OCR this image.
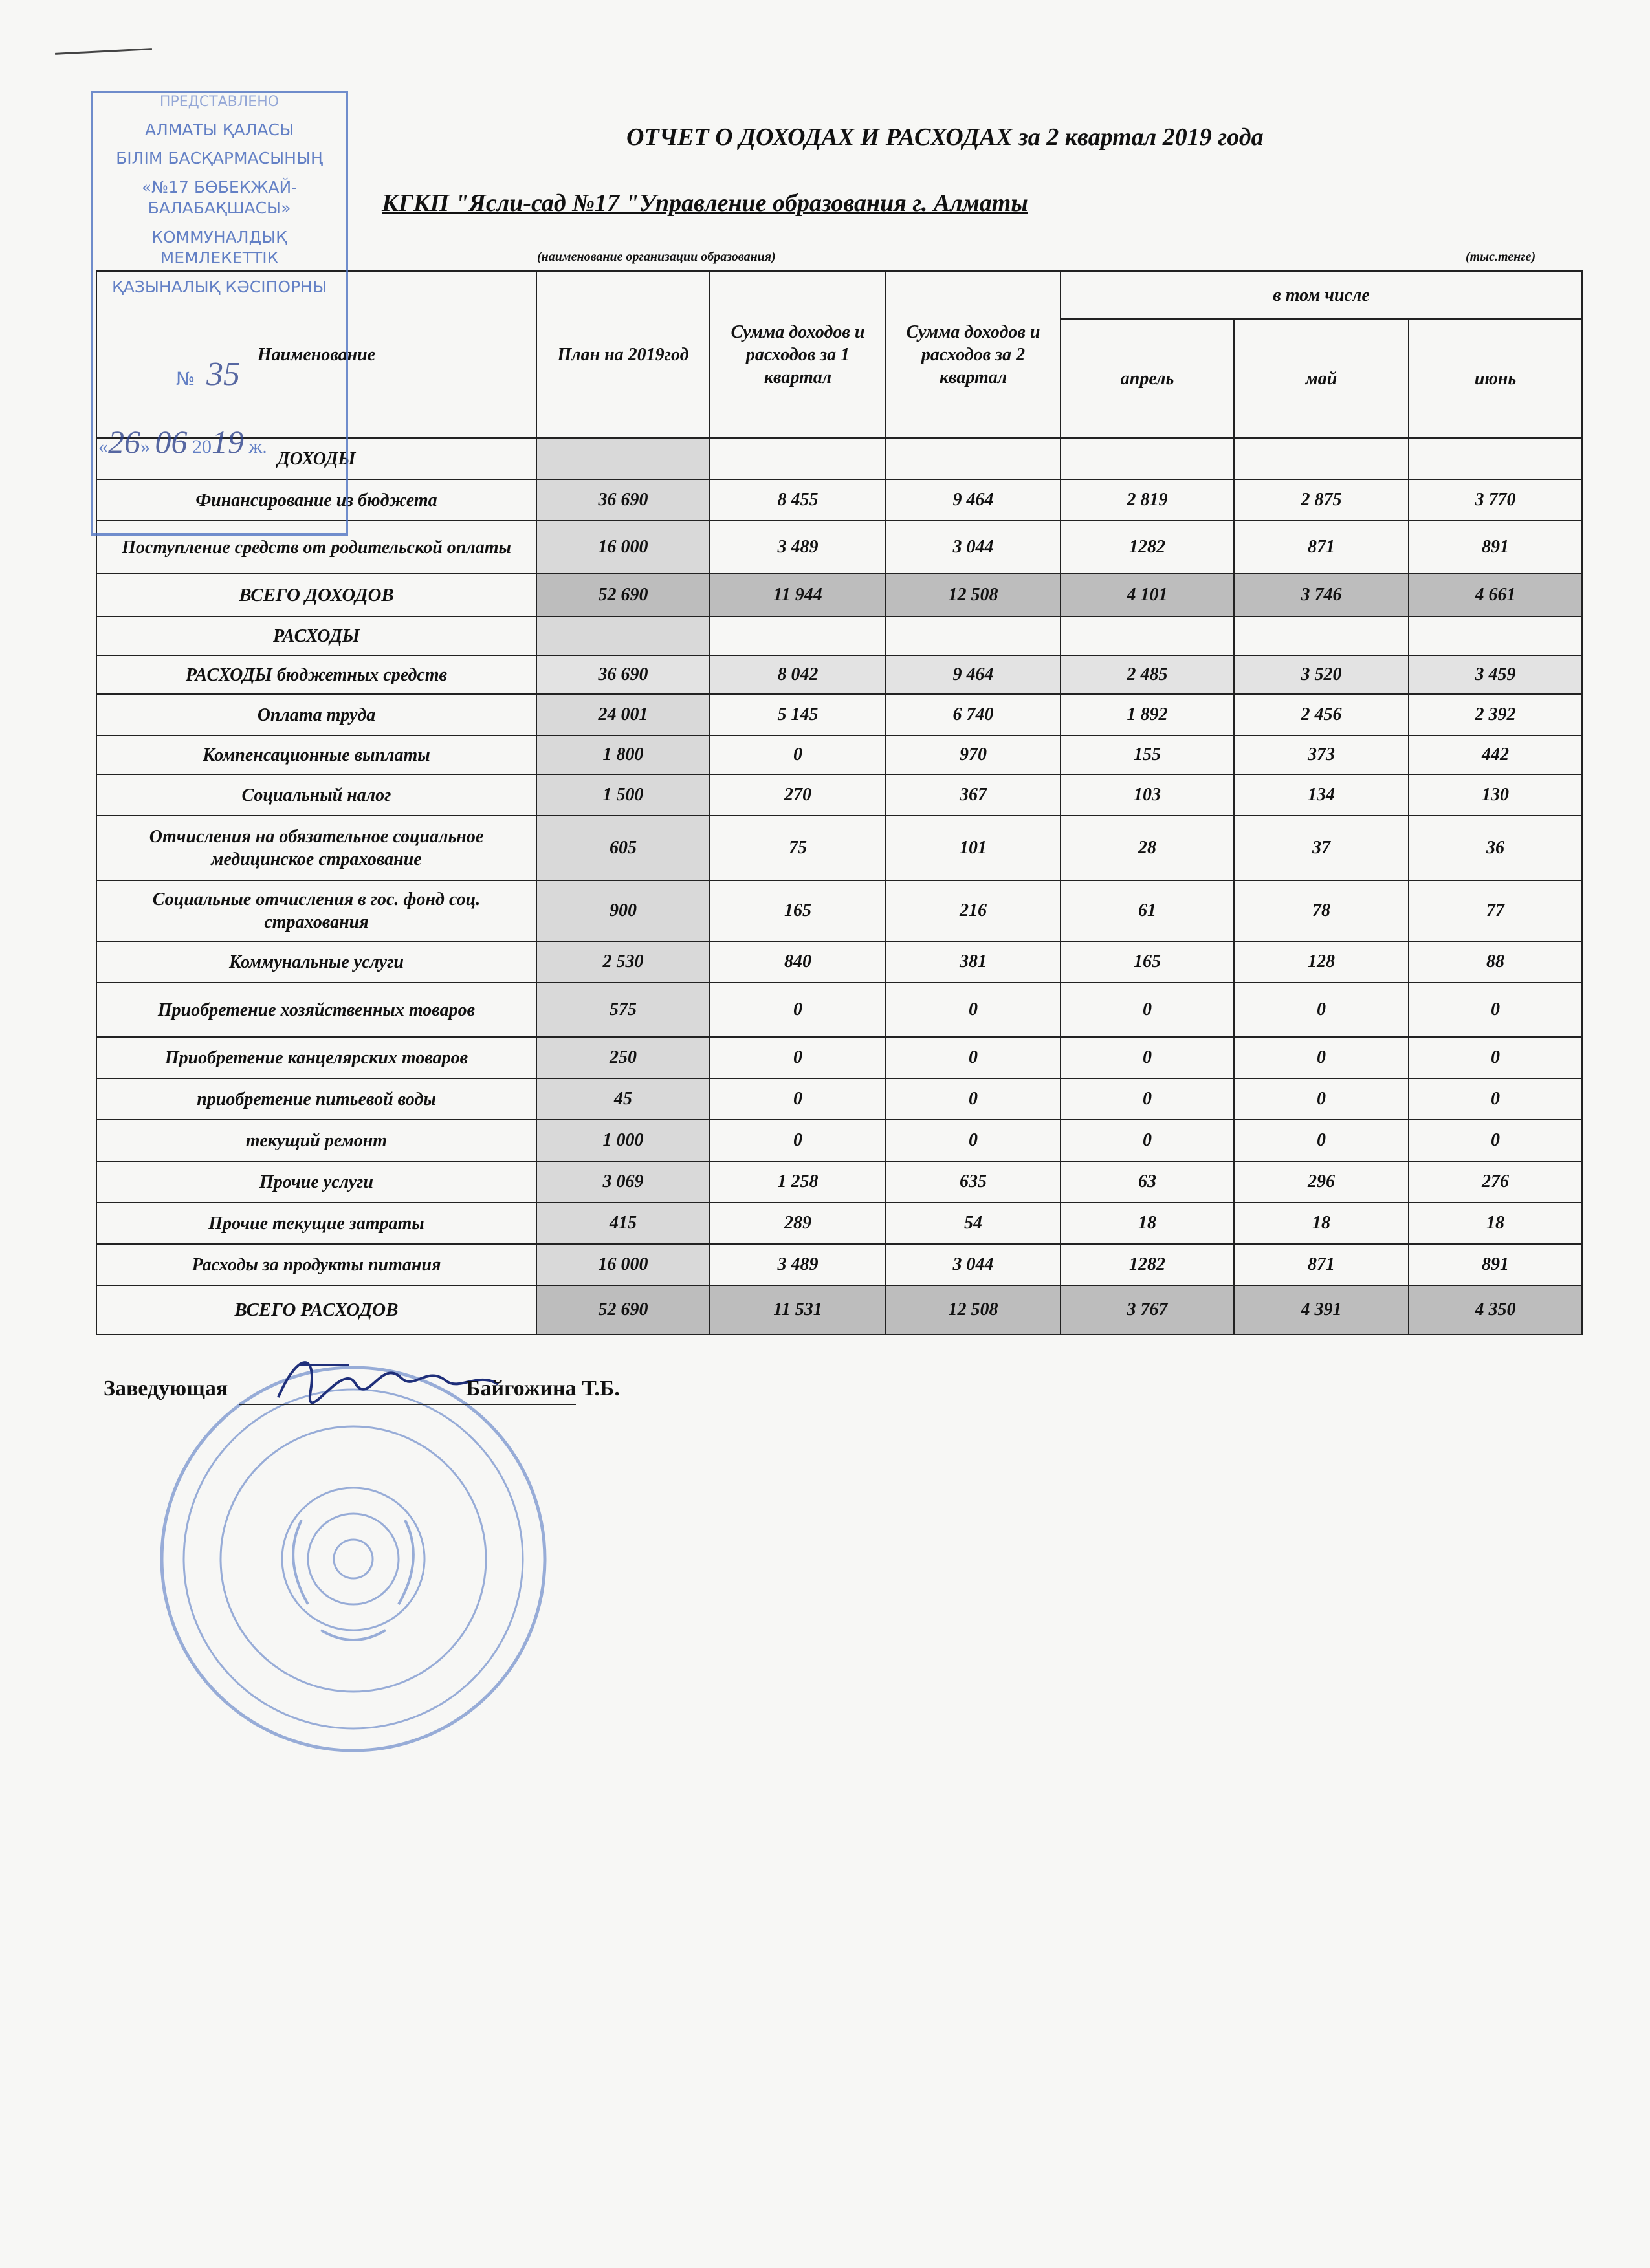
ОТЧЕТ О ДОХОДАХ И РАСХОДАХ за 2 квартал 2019 года
КГКП "Ясли-сад №17 "Управление образования г. Алматы
(наименование организации образования)	(тыс.тенге)
Наименование	План на 2019год	Сумма доходов и расходов за 1 квартал	Сумма доходов и расходов за 2 квартал	в том числе		
				апрель	май	июнь
ДОХОДЫ						
Финансирование из бюджета	36 690	8 455	9 464	2 819	2 875	3 770
Поступление средств от родительской оплаты	16 000	3 489	3 044	1282	871	891
ВСЕГО ДОХОДОВ	52 690	11 944	12 508	4 101	3 746	4 661
РАСХОДЫ						
РАСХОДЫ бюджетных средств	36 690	8 042	9 464	2 485	3 520	3 459
Оплата труда	24 001	5 145	6 740	1 892	2 456	2 392
Компенсационные выплаты	1 800	0	970	155	373	442
Социальный налог	1 500	270	367	103	134	130
Отчисления на обязательное социальное медицинское страхование	605	75	101	28	37	36
Социальные отчисления в гос. фонд соц. страхования	900	165	216	61	78	77
Коммунальные услуги	2 530	840	381	165	128	88
Приобретение хозяйственных товаров	575	0	0	0	0	0
Приобретение канцелярских товаров	250	0	0	0	0	0
приобретение питьевой воды	45	0	0	0	0	0
текущий ремонт	1 000	0	0	0	0	0
Прочие услуги	3 069	1 258	635	63	296	276
Прочие текущие затраты	415	289	54	18	18	18
Расходы за продукты питания	16 000	3 489	3 044	1282	871	891
ВСЕГО РАСХОДОВ	52 690	11 531	12 508	3 767	4 391	4 350
ПРЕДСТАВЛЕНО
АЛМАТЫ ҚАЛАСЫ
БІЛІМ БАСҚАРМАСЫНЫҢ
«№17 БӨБЕКЖАЙ-БАЛАБАҚШАСЫ»
КОММУНАЛДЫҚ МЕМЛЕКЕТТІК
ҚАЗЫНАЛЫҚ КӘСІПОРНЫ
№ 35
«26» 06 2019 ж.
Заведующая	Байгожина Т.Б.
